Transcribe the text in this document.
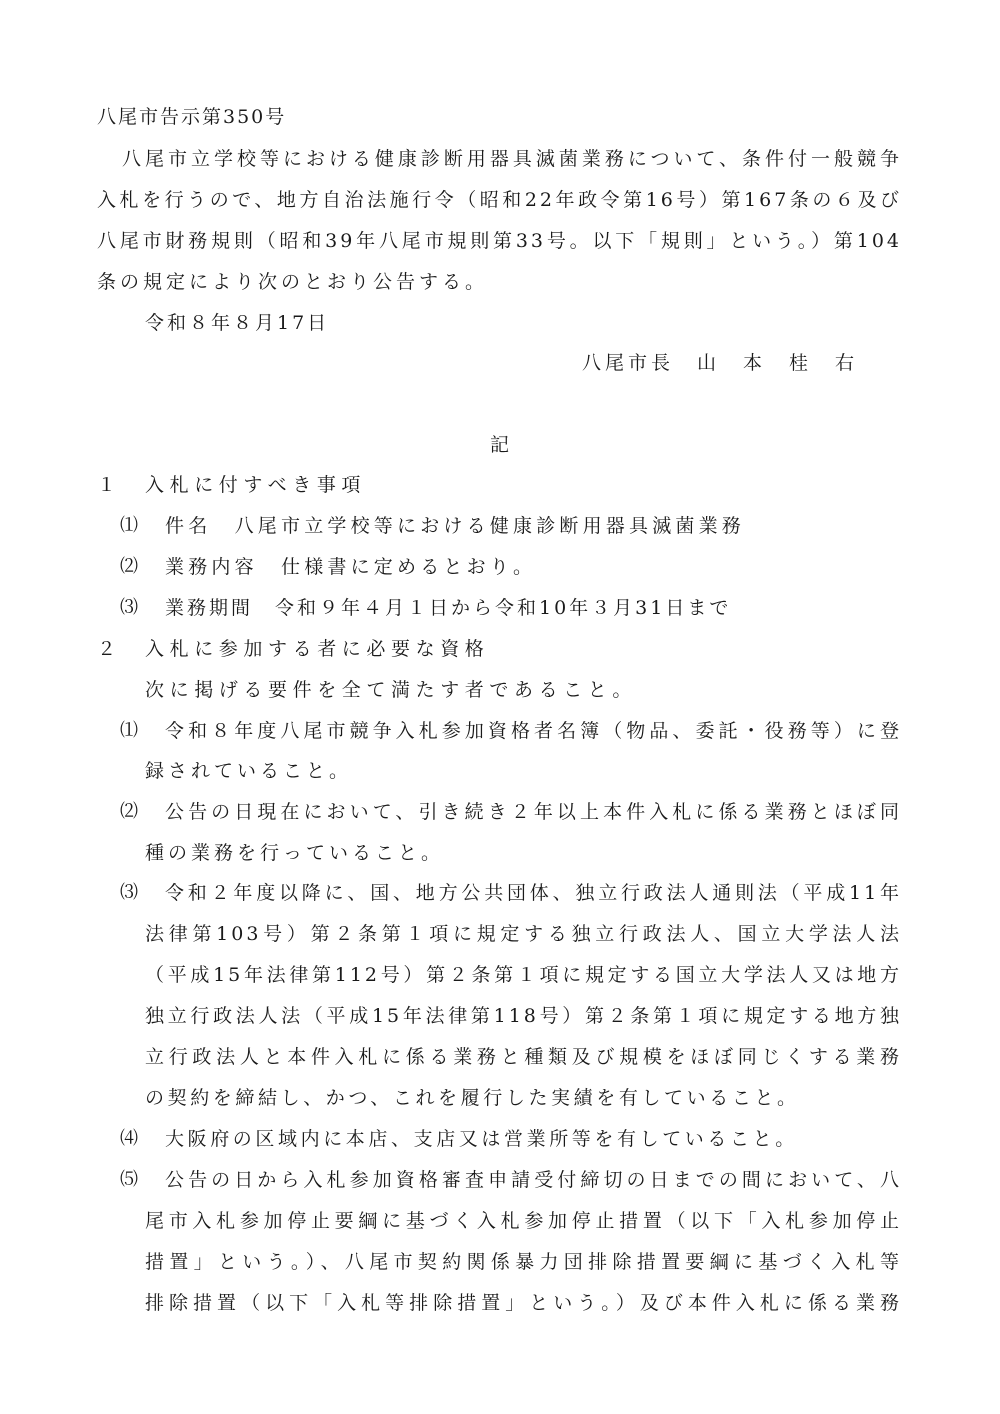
八尾市告示第350号
八尾市立学校等における健康診断用器具滅菌業務について、条件付一般競争
入札を行うので、地方自治法施行令（昭和22年政令第16号）第167条の６及び
八尾市財務規則（昭和39年八尾市規則第33号。以下「規則」という。）第104
条の規定により次のとおり公告する。
令和８年８月17日
八尾市長　山　本　桂　右
記
１ 入札に付すべき事項
⑴ 件名　八尾市立学校等における健康診断用器具滅菌業務
⑵ 業務内容　仕様書に定めるとおり。
⑶ 業務期間　令和９年４月１日から令和10年３月31日まで
２ 入札に参加する者に必要な資格
次に掲げる要件を全て満たす者であること。
⑴ 令和８年度八尾市競争入札参加資格者名簿（物品、委託・役務等）に登
録されていること。
⑵ 公告の日現在において、引き続き２年以上本件入札に係る業務とほぼ同
種の業務を行っていること。
⑶ 令和２年度以降に、国、地方公共団体、独立行政法人通則法（平成11年
法律第103号）第２条第１項に規定する独立行政法人、国立大学法人法
（平成15年法律第112号）第２条第１項に規定する国立大学法人又は地方
独立行政法人法（平成15年法律第118号）第２条第１項に規定する地方独
立行政法人と本件入札に係る業務と種類及び規模をほぼ同じくする業務
の契約を締結し、かつ、これを履行した実績を有していること。
⑷ 大阪府の区域内に本店、支店又は営業所等を有していること。
⑸ 公告の日から入札参加資格審査申請受付締切の日までの間において、八
尾市入札参加停止要綱に基づく入札参加停止措置（以下「入札参加停止
措置」という。）、八尾市契約関係暴力団排除措置要綱に基づく入札等
排除措置（以下「入札等排除措置」という。）及び本件入札に係る業務
